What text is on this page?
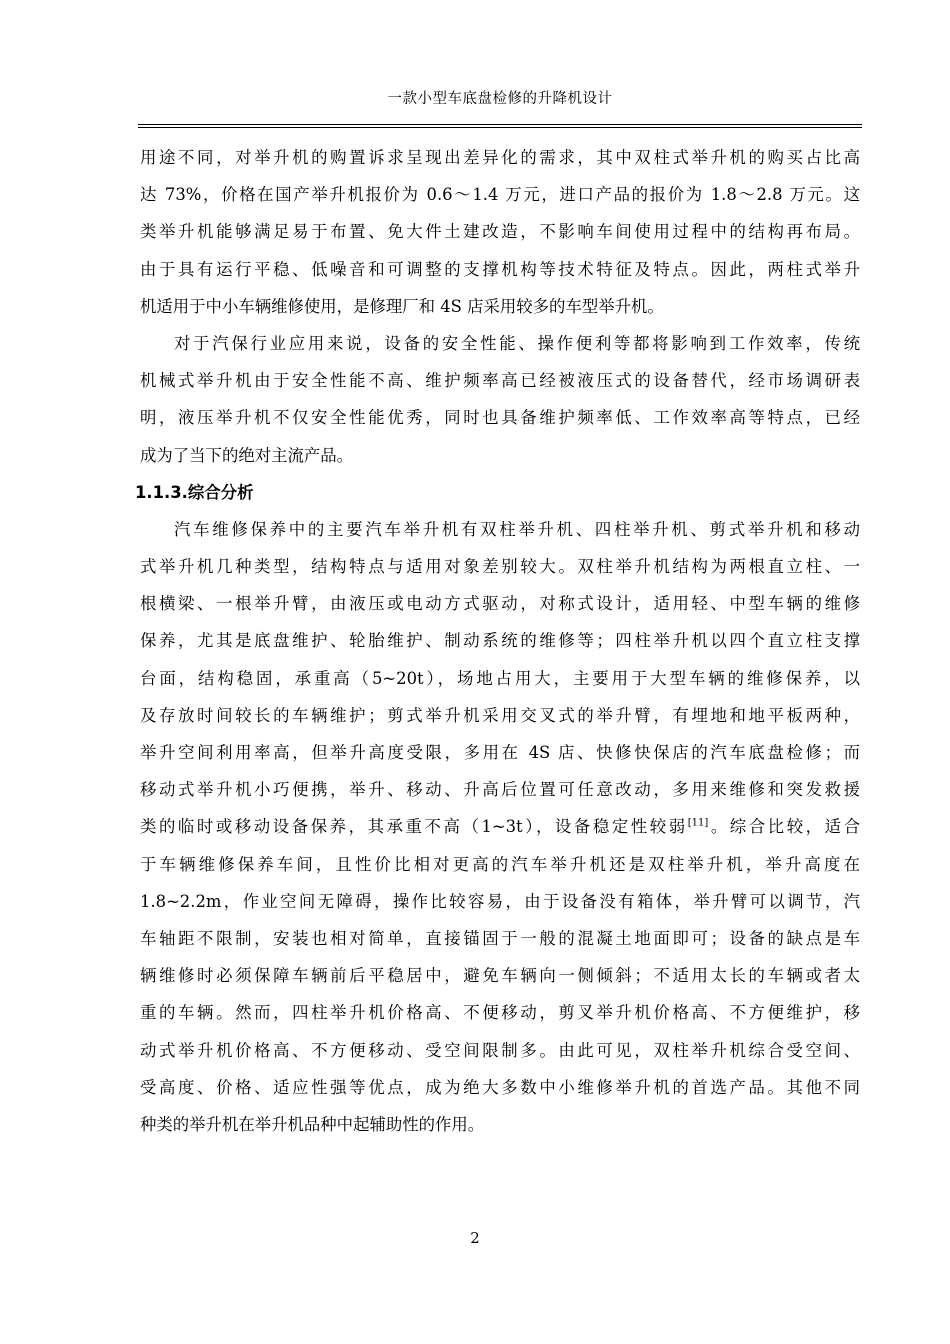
一款小型车底盘检修的升降机设计
用途不同，对举升机的购置诉求呈现出差异化的需求，其中双柱式举升机的购买占比高
达 73%，价格在国产举升机报价为 0.6～1.4 万元，进口产品的报价为 1.8～2.8 万元。这
类举升机能够满足易于布置、免大件土建改造，不影响车间使用过程中的结构再布局。
由于具有运行平稳、低噪音和可调整的支撑机构等技术特征及特点。因此，两柱式举升
机适用于中小车辆维修使用，是修理厂和 4S 店采用较多的车型举升机。
对于汽保行业应用来说，设备的安全性能、操作便利等都将影响到工作效率，传统
机械式举升机由于安全性能不高、维护频率高已经被液压式的设备替代，经市场调研表
明，液压举升机不仅安全性能优秀，同时也具备维护频率低、工作效率高等特点，已经
成为了当下的绝对主流产品。
1.1.3.综合分析
汽车维修保养中的主要汽车举升机有双柱举升机、四柱举升机、剪式举升机和移动
式举升机几种类型，结构特点与适用对象差别较大。双柱举升机结构为两根直立柱、一
根横梁、一根举升臂，由液压或电动方式驱动，对称式设计，适用轻、中型车辆的维修
保养，尤其是底盘维护、轮胎维护、制动系统的维修等；四柱举升机以四个直立柱支撑
台面，结构稳固，承重高（5~20t），场地占用大，主要用于大型车辆的维修保养，以
及存放时间较长的车辆维护；剪式举升机采用交叉式的举升臂，有埋地和地平板两种，
举升空间利用率高，但举升高度受限，多用在 4S 店、快修快保店的汽车底盘检修；而
移动式举升机小巧便携，举升、移动、升高后位置可任意改动，多用来维修和突发救援
类的临时或移动设备保养，其承重不高（1~3t），设备稳定性较弱[11]。综合比较，适合
于车辆维修保养车间，且性价比相对更高的汽车举升机还是双柱举升机，举升高度在
1.8~2.2m，作业空间无障碍，操作比较容易，由于设备没有箱体，举升臂可以调节，汽
车轴距不限制，安装也相对简单，直接锚固于一般的混凝土地面即可；设备的缺点是车
辆维修时必须保障车辆前后平稳居中，避免车辆向一侧倾斜；不适用太长的车辆或者太
重的车辆。然而，四柱举升机价格高、不便移动，剪叉举升机价格高、不方便维护，移
动式举升机价格高、不方便移动、受空间限制多。由此可见，双柱举升机综合受空间、
受高度、价格、适应性强等优点，成为绝大多数中小维修举升机的首选产品。其他不同
种类的举升机在举升机品种中起辅助性的作用。
2
